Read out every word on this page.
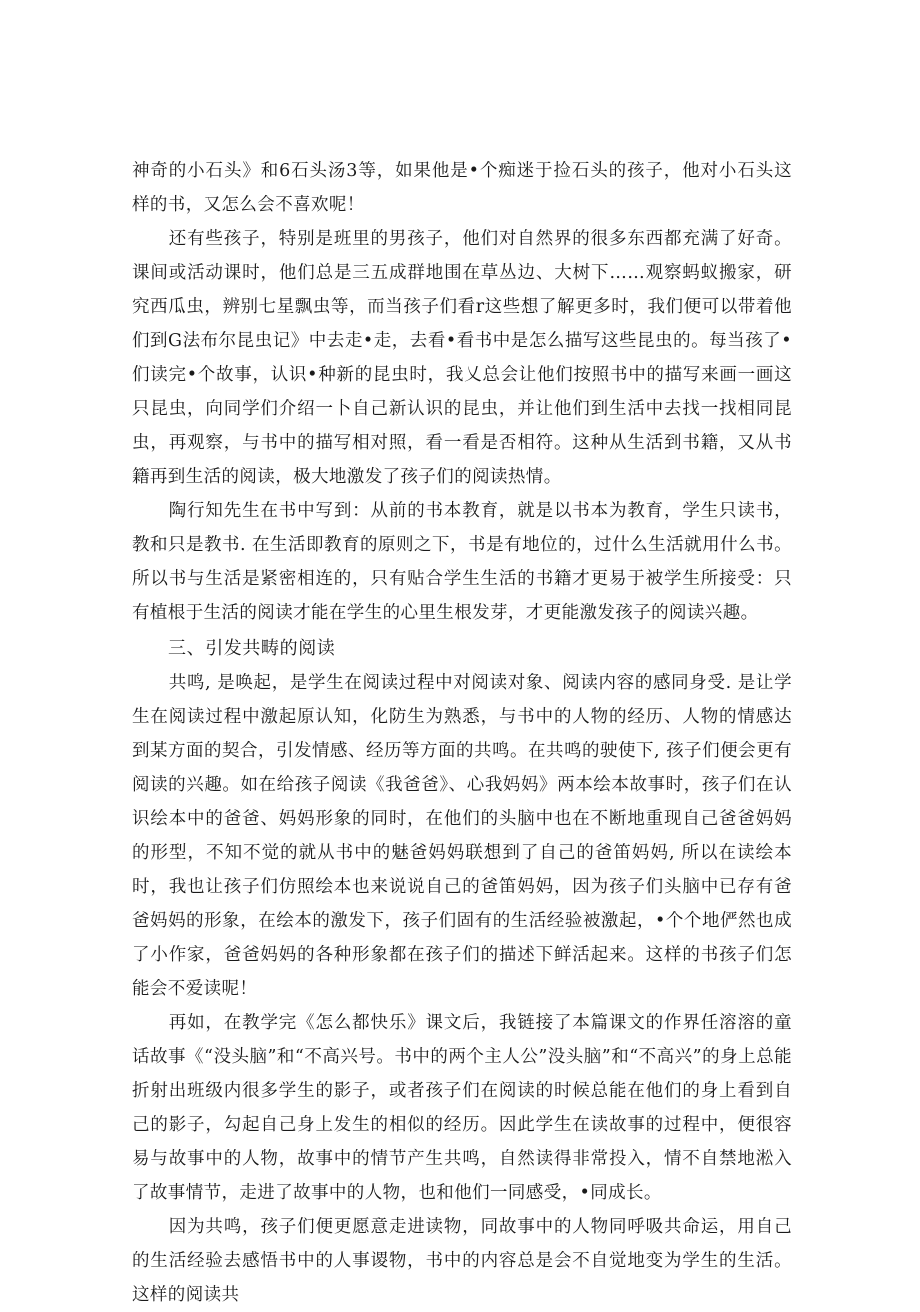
神奇的小石头》和6石头汤3等，如果他是•个痴迷于捡石头的孩子，他对小石头这样的书，又怎么会不喜欢呢！

还有些孩子，特别是班里的男孩子，他们对自然界的很多东西都充满了好奇。课间或活动课时，他们总是三五成群地围在草丛边、大树下……观察蚂蚁搬家，研究西瓜虫，辨别七星飘虫等，而当孩子们看r这些想了解更多时，我们便可以带着他们到G法布尔昆虫记》中去走•走，去看•看书中是怎么描写这些昆虫的。每当孩了•们读完•个故事，认识•种新的昆虫时，我乂总会让他们按照书中的描写来画一画这只昆虫，向同学们介绍一卜自己新认识的昆虫，并让他们到生活中去找一找相同昆虫，再观察，与书中的描写相对照，看一看是否相符。这种从生活到书籍，又从书籍再到生活的阅读，极大地激发了孩子们的阅读热情。

陶行知先生在书中写到：从前的书本教育，就是以书本为教育，学生只读书，教和只是教书. 在生活即教育的原则之下，书是有地位的，过什么生活就用什么书。所以书与生活是紧密相连的，只有贴合学生生活的书籍才更易于被学生所接受：只有植根于生活的阅读才能在学生的心里生根发芽，才更能激发孩子的阅读兴趣。

三、引发共畴的阅读

共鸣, 是唤起，是学生在阅读过程中对阅读对象、阅读内容的感同身受. 是让学生在阅读过程中激起原认知，化防生为熟悉，与书中的人物的经历、人物的情感达到某方面的契合，引发情感、经历等方面的共鸣。在共鸣的驶使下, 孩子们便会更有阅读的兴趣。如在给孩子阅读《我爸爸》、心我妈妈》两本绘本故事时，孩子们在认识绘本中的爸爸、妈妈形象的同时，在他们的头脑中也在不断地重现自己爸爸妈妈的形型，不知不觉的就从书中的魅爸妈妈联想到了自己的爸笛妈妈, 所以在读绘本时，我也让孩子们仿照绘本也来说说自己的爸笛妈妈，因为孩子们头脑中已存有爸爸妈妈的形象，在绘本的激发下，孩子们固有的生活经验被激起，•个个地俨然也成了小作家，爸爸妈妈的各种形象都在孩子们的描述下鲜活起来。这样的书孩子们怎能会不爱读呢！

再如，在教学完《怎么都快乐》课文后，我链接了本篇课文的作界任溶溶的童话故事《“没头脑”和“不高兴号。书中的两个主人公”没头脑”和“不高兴”的身上总能折射出班级内很多学生的影子，或者孩子们在阅读的时候总能在他们的身上看到自己的影子，勾起自己身上发生的相似的经历。因此学生在读故事的过程中，便很容易与故事中的人物，故事中的情节产生共鸣，自然读得非常投入，情不自禁地淞入了故事情节，走进了故事中的人物，也和他们一同感受，•同成长。

因为共鸣，孩子们便更愿意走进读物，同故事中的人物同呼吸共命运，用自己的生活经验去感悟书中的人事谡物，书中的内容总是会不自觉地变为学生的生活。这样的阅读共
